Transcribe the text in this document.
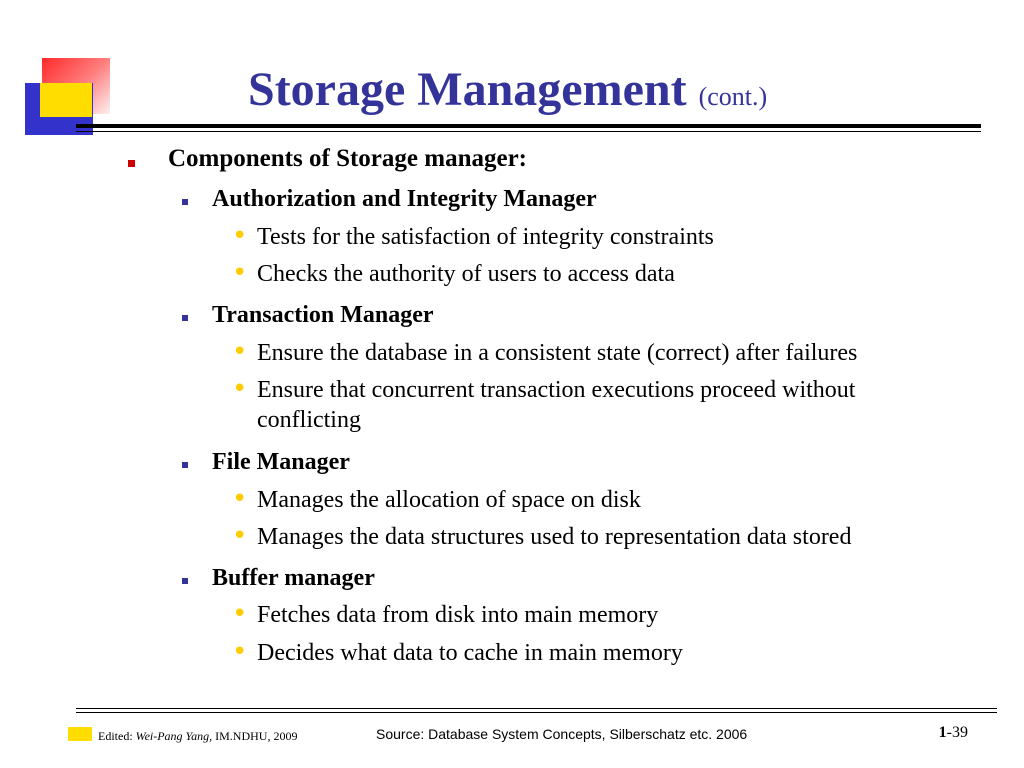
Storage Management (cont.)
Components of Storage manager:
Authorization and Integrity Manager
• Tests for the satisfaction of integrity constraints
• Checks the authority of users to access data
Transaction Manager
• Ensure the database in a consistent state (correct) after failures
• Ensure that concurrent transaction executions proceed without
conflicting
File Manager
• Manages the allocation of space on disk
• Manages the data structures used to representation data stored
Buffer manager
• Fetches data from disk into main memory
• Decides what data to cache in main memory
Edited: Wei-Pang Yang, IM.NDHU, 2009	Source: Database System Concepts, Silberschatz etc. 2006	1-39
